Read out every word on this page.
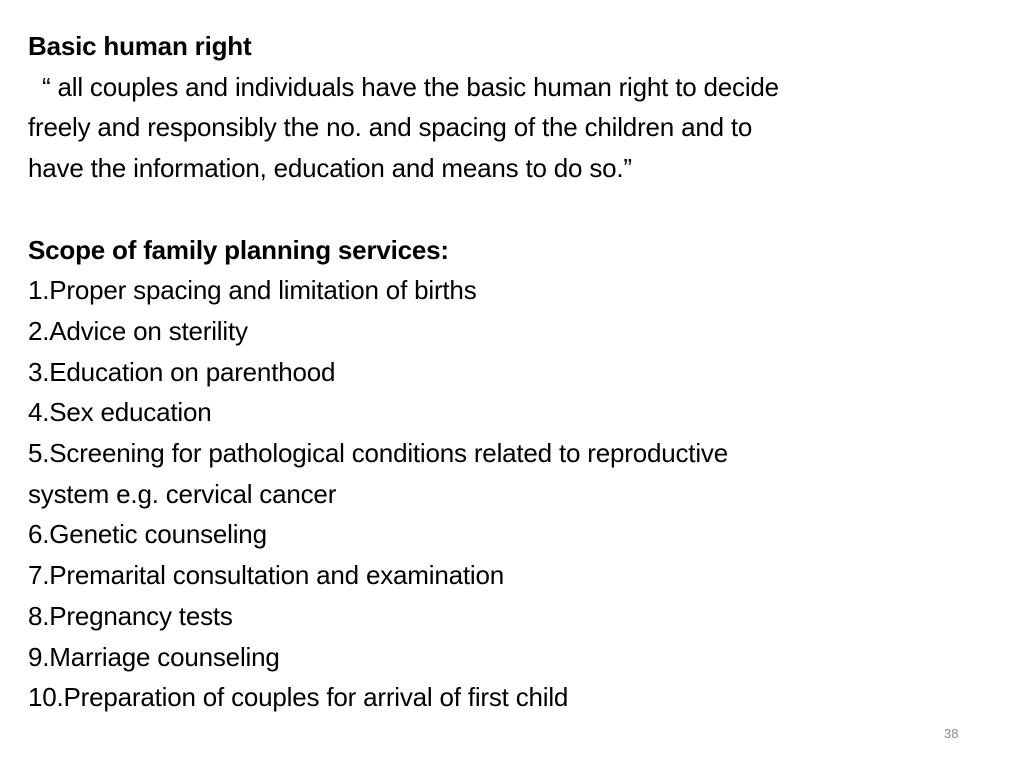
Basic human right
“ all couples and individuals have the basic human right to decide
freely and responsibly the no. and spacing of the children and to
have the information, education and means to do so.”
Scope of family planning services:
1.Proper spacing and limitation of births
2.Advice on sterility
3.Education on parenthood
4.Sex education
5.Screening for pathological conditions related to reproductive
system e.g. cervical cancer
6.Genetic counseling
7.Premarital consultation and examination
8.Pregnancy tests
9.Marriage counseling
10.Preparation of couples for arrival of first child
38
